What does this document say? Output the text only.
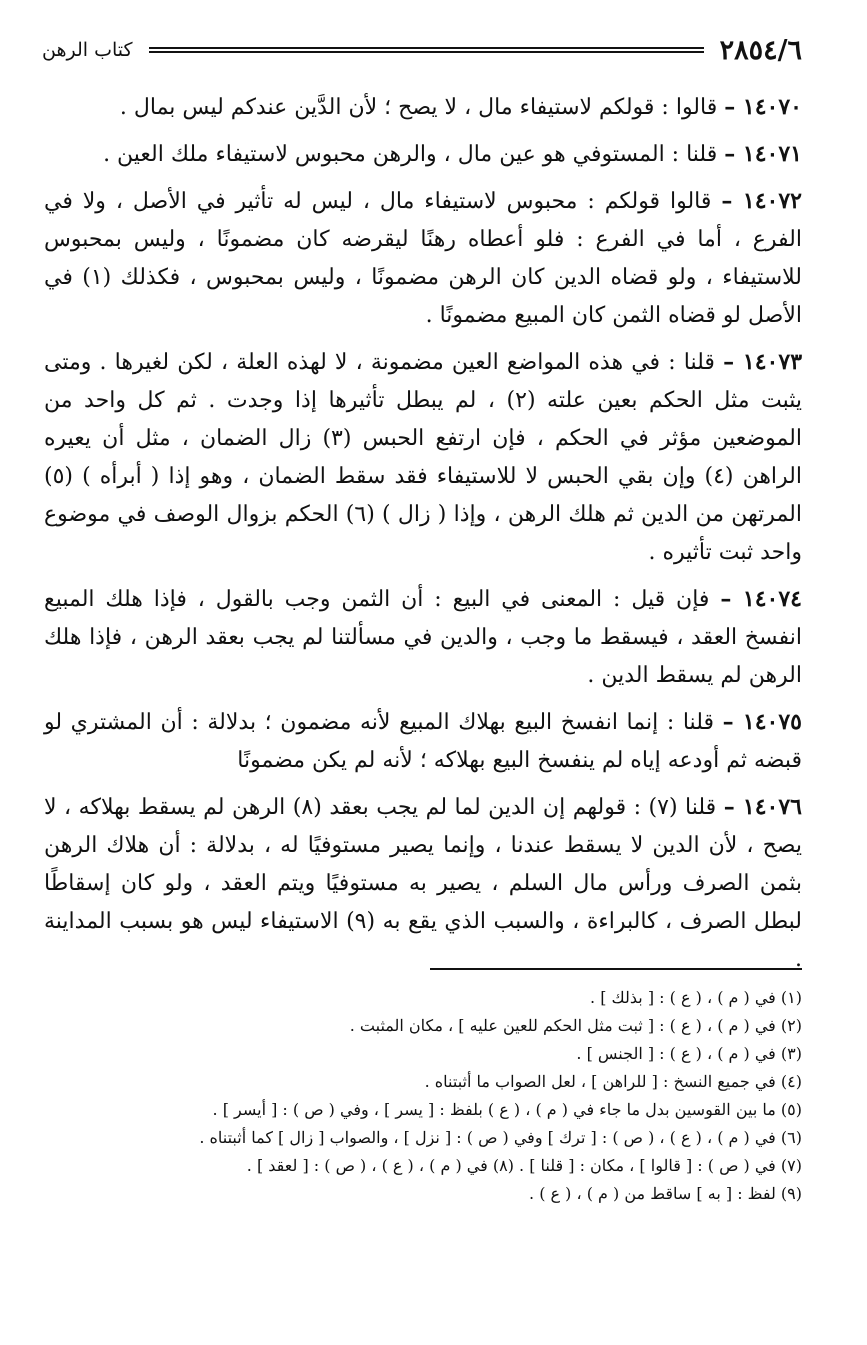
٢٨٥٤/٦
كتاب الرهن

١٤٠٧٠ – قالوا : قولكم لاستيفاء مال ، لا يصح ؛ لأن الدَّين عندكم ليس بمال .

١٤٠٧١ – قلنا : المستوفي هو عين مال ، والرهن محبوس لاستيفاء ملك العين .

١٤٠٧٢ – قالوا قولكم : محبوس لاستيفاء مال ، ليس له تأثير في الأصل ، ولا في الفرع ، أما في الفرع : فلو أعطاه رهنًا ليقرضه كان مضمونًا ، وليس بمحبوس للاستيفاء ، ولو قضاه الدين كان الرهن مضمونًا ، وليس بمحبوس ، فكذلك (١) في الأصل لو قضاه الثمن كان المبيع مضمونًا .

١٤٠٧٣ – قلنا : في هذه المواضع العين مضمونة ، لا لهذه العلة ، لكن لغيرها . ومتى يثبت مثل الحكم بعين علته (٢) ، لم يبطل تأثيرها إذا وجدت . ثم كل واحد من الموضعين مؤثر في الحكم ، فإن ارتفع الحبس (٣) زال الضمان ، مثل أن يعيره الراهن (٤) وإن بقي الحبس لا للاستيفاء فقد سقط الضمان ، وهو إذا ( أبرأه ) (٥) المرتهن من الدين ثم هلك الرهن ، وإذا ( زال ) (٦) الحكم بزوال الوصف في موضوع واحد ثبت تأثيره .

١٤٠٧٤ – فإن قيل : المعنى في البيع : أن الثمن وجب بالقول ، فإذا هلك المبيع انفسخ العقد ، فيسقط ما وجب ، والدين في مسألتنا لم يجب بعقد الرهن ، فإذا هلك الرهن لم يسقط الدين .

١٤٠٧٥ – قلنا : إنما انفسخ البيع بهلاك المبيع لأنه مضمون ؛ بدلالة : أن المشتري لو قبضه ثم أودعه إياه لم ينفسخ البيع بهلاكه ؛ لأنه لم يكن مضمونًا

١٤٠٧٦ – قلنا (٧) : قولهم إن الدين لما لم يجب بعقد (٨) الرهن لم يسقط بهلاكه ، لا يصح ، لأن الدين لا يسقط عندنا ، وإنما يصير مستوفيًا له ، بدلالة : أن هلاك الرهن بثمن الصرف ورأس مال السلم ، يصير به مستوفيًا ويتم العقد ، ولو كان إسقاطًا لبطل الصرف ، كالبراءة ، والسبب الذي يقع به (٩) الاستيفاء ليس هو بسبب المداينة .

(١) في ( م ) ، ( ع ) : [ بذلك ] .

(٢) في ( م ) ، ( ع ) : [ ثبت مثل الحكم للعين عليه ] ، مكان المثبت .

(٣) في ( م ) ، ( ع ) : [ الجنس ] .

(٤) في جميع النسخ : [ للراهن ] ، لعل الصواب ما أثبتناه .

(٥) ما بين القوسين بدل ما جاء في ( م ) ، ( ع ) بلفظ : [ يسر ] ، وفي ( ص ) : [ أيسر ] .

(٦) في ( م ) ، ( ع ) ، ( ص ) : [ ترك ] وفي ( ص ) : [ نزل ] ، والصواب [ زال ] كما أثبتناه .

(٧) في ( ص ) : [ قالوا ] ، مكان : [ قلنا ] . (٨) في ( م ) ، ( ع ) ، ( ص ) : [ لعقد ] .

(٩) لفظ : [ به ] ساقط من ( م ) ، ( ع ) .
